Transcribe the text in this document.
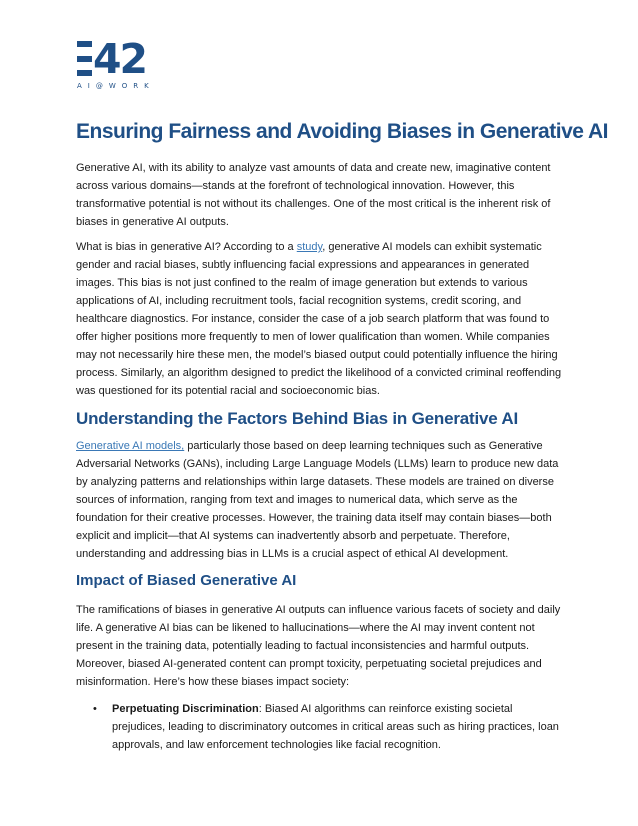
42
AI@WORK
Ensuring Fairness and Avoiding Biases in Generative AI

Generative AI, with its ability to analyze vast amounts of data and create new, imaginative content across various domains—stands at the forefront of technological innovation. However, this transformative potential is not without its challenges. One of the most critical is the inherent risk of biases in generative AI outputs.

What is bias in generative AI? According to a study, generative AI models can exhibit systematic gender and racial biases, subtly influencing facial expressions and appearances in generated images. This bias is not just confined to the realm of image generation but extends to various applications of AI, including recruitment tools, facial recognition systems, credit scoring, and healthcare diagnostics. For instance, consider the case of a job search platform that was found to offer higher positions more frequently to men of lower qualification than women. While companies may not necessarily hire these men, the model’s biased output could potentially influence the hiring process. Similarly, an algorithm designed to predict the likelihood of a convicted criminal reoffending was questioned for its potential racial and socioeconomic bias.

Understanding the Factors Behind Bias in Generative AI

Generative AI models, particularly those based on deep learning techniques such as Generative Adversarial Networks (GANs), including Large Language Models (LLMs) learn to produce new data by analyzing patterns and relationships within large datasets. These models are trained on diverse sources of information, ranging from text and images to numerical data, which serve as the foundation for their creative processes. However, the training data itself may contain biases—both explicit and implicit—that AI systems can inadvertently absorb and perpetuate. Therefore, understanding and addressing bias in LLMs is a crucial aspect of ethical AI development.

Impact of Biased Generative AI

The ramifications of biases in generative AI outputs can influence various facets of society and daily life. A generative AI bias can be likened to hallucinations—where the AI may invent content not present in the training data, potentially leading to factual inconsistencies and harmful outputs. Moreover, biased AI-generated content can prompt toxicity, perpetuating societal prejudices and misinformation. Here’s how these biases impact society:

• Perpetuating Discrimination: Biased AI algorithms can reinforce existing societal prejudices, leading to discriminatory outcomes in critical areas such as hiring practices, loan approvals, and law enforcement technologies like facial recognition.
